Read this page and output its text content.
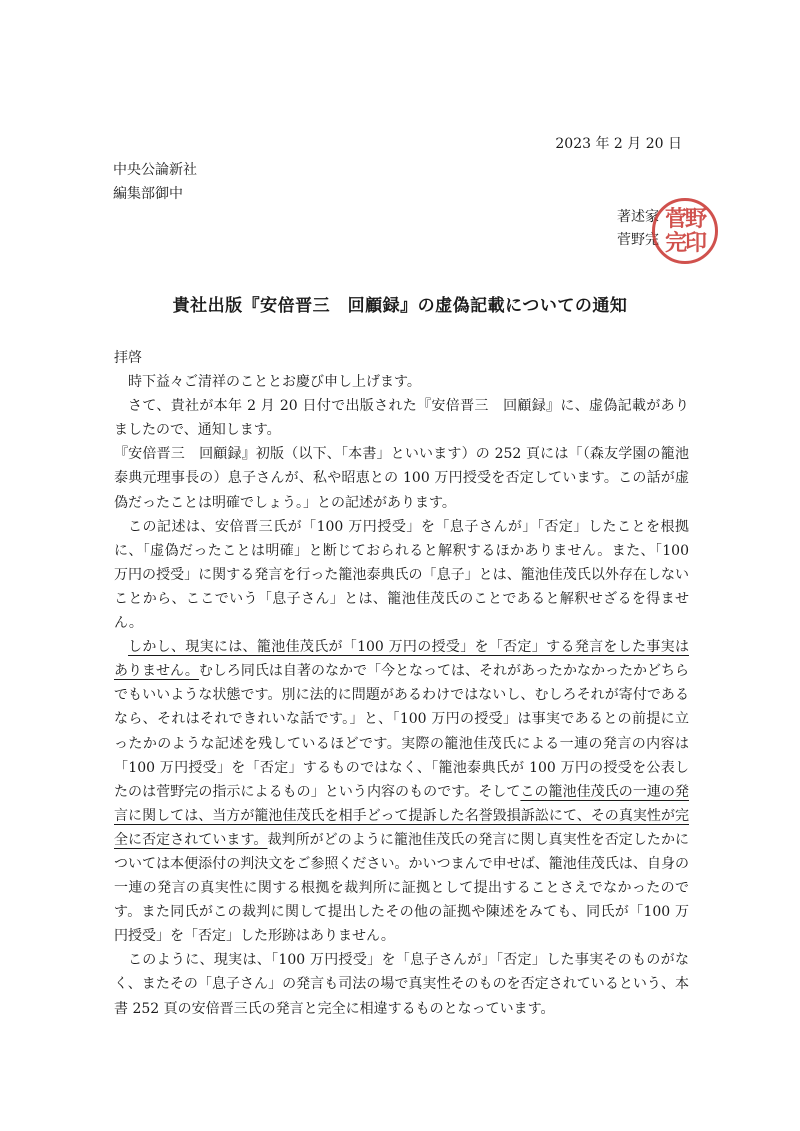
2023 年 2 月 20 日
中央公論新社
編集部御中
著述家
菅野完
菅野
完印
貴社出版『安倍晋三　回顧録』の虚偽記載についての通知

拝啓

時下益々ご清祥のこととお慶び申し上げます。

さて、貴社が本年 2 月 20 日付で出版された『安倍晋三　回顧録』に、虚偽記載がありましたので、通知します。

『安倍晋三　回顧録』初版（以下、「本書」といいます）の 252 頁には「（森友学園の籠池泰典元理事長の）息子さんが、私や昭恵との 100 万円授受を否定しています。この話が虚偽だったことは明確でしょう。」との記述があります。

この記述は、安倍晋三氏が「100 万円授受」を「息子さんが」「否定」したことを根拠に、「虚偽だったことは明確」と断じておられると解釈するほかありません。また、「100 万円の授受」に関する発言を行った籠池泰典氏の「息子」とは、籠池佳茂氏以外存在しないことから、ここでいう「息子さん」とは、籠池佳茂氏のことであると解釈せざるを得ません。

しかし、現実には、籠池佳茂氏が「100 万円の授受」を「否定」する発言をした事実はありません。むしろ同氏は自著のなかで「今となっては、それがあったかなかったかどちらでもいいような状態です。別に法的に問題があるわけではないし、むしろそれが寄付であるなら、それはそれできれいな話です。」と、「100 万円の授受」は事実であるとの前提に立ったかのような記述を残しているほどです。実際の籠池佳茂氏による一連の発言の内容は「100 万円授受」を「否定」するものではなく、「籠池泰典氏が 100 万円の授受を公表したのは菅野完の指示によるもの」という内容のものです。そしてこの籠池佳茂氏の一連の発言に関しては、当方が籠池佳茂氏を相手どって提訴した名誉毀損訴訟にて、その真実性が完全に否定されています。裁判所がどのように籠池佳茂氏の発言に関し真実性を否定したかについては本便添付の判決文をご参照ください。かいつまんで申せば、籠池佳茂氏は、自身の一連の発言の真実性に関する根拠を裁判所に証拠として提出することさえでなかったのです。また同氏がこの裁判に関して提出したその他の証拠や陳述をみても、同氏が「100 万円授受」を「否定」した形跡はありません。

このように、現実は、「100 万円授受」を「息子さんが」「否定」した事実そのものがなく、またその「息子さん」の発言も司法の場で真実性そのものを否定されているという、本書 252 頁の安倍晋三氏の発言と完全に相違するものとなっています。
